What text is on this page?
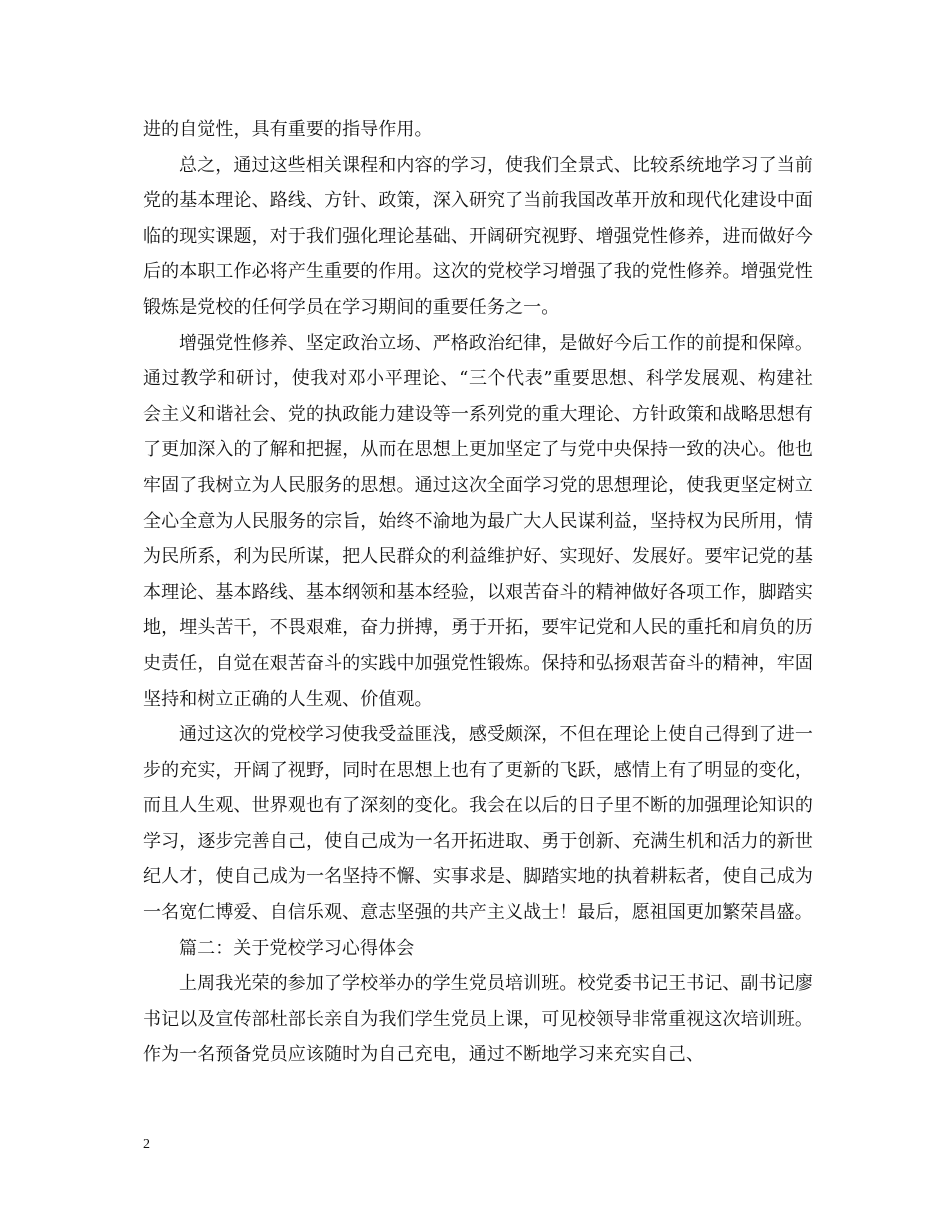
进的自觉性，具有重要的指导作用。

总之，通过这些相关课程和内容的学习，使我们全景式、比较系统地学习了当前党的基本理论、路线、方针、政策，深入研究了当前我国改革开放和现代化建设中面临的现实课题，对于我们强化理论基础、开阔研究视野、增强党性修养，进而做好今后的本职工作必将产生重要的作用。这次的党校学习增强了我的党性修养。增强党性锻炼是党校的任何学员在学习期间的重要任务之一。

增强党性修养、坚定政治立场、严格政治纪律，是做好今后工作的前提和保障。通过教学和研讨，使我对邓小平理论、“三个代表”重要思想、科学发展观、构建社会主义和谐社会、党的执政能力建设等一系列党的重大理论、方针政策和战略思想有了更加深入的了解和把握，从而在思想上更加坚定了与党中央保持一致的决心。他也牢固了我树立为人民服务的思想。通过这次全面学习党的思想理论，使我更坚定树立全心全意为人民服务的宗旨，始终不渝地为最广大人民谋利益，坚持权为民所用，情为民所系，利为民所谋，把人民群众的利益维护好、实现好、发展好。要牢记党的基本理论、基本路线、基本纲领和基本经验，以艰苦奋斗的精神做好各项工作，脚踏实地，埋头苦干，不畏艰难，奋力拼搏，勇于开拓，要牢记党和人民的重托和肩负的历史责任，自觉在艰苦奋斗的实践中加强党性锻炼。保持和弘扬艰苦奋斗的精神，牢固坚持和树立正确的人生观、价值观。

通过这次的党校学习使我受益匪浅，感受颇深，不但在理论上使自己得到了进一步的充实，开阔了视野，同时在思想上也有了更新的飞跃，感情上有了明显的变化，而且人生观、世界观也有了深刻的变化。我会在以后的日子里不断的加强理论知识的学习，逐步完善自己，使自己成为一名开拓进取、勇于创新、充满生机和活力的新世纪人才，使自己成为一名坚持不懈、实事求是、脚踏实地的执着耕耘者，使自己成为一名宽仁博爱、自信乐观、意志坚强的共产主义战士！最后，愿祖国更加繁荣昌盛。

篇二：关于党校学习心得体会

上周我光荣的参加了学校举办的学生党员培训班。校党委书记王书记、副书记廖书记以及宣传部杜部长亲自为我们学生党员上课，可见校领导非常重视这次培训班。作为一名预备党员应该随时为自己充电，通过不断地学习来充实自己、

2
